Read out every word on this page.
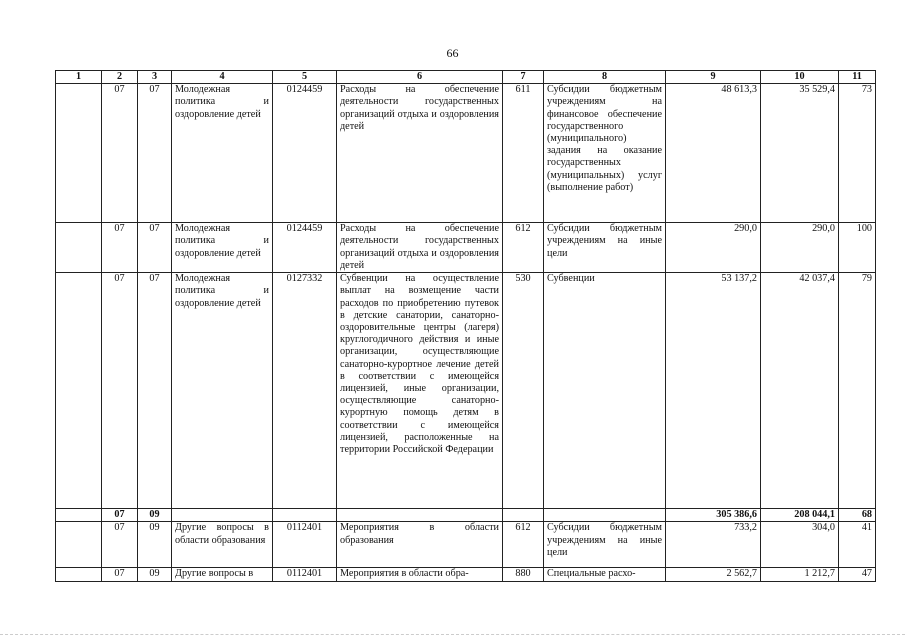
66
1	2	3	4	5	6	7	8	9	10	11
	07	07	Молодежная политика и оздоровление детей	0124459	Расходы на обеспечение деятельности государственных организаций отдыха и оздоровления детей	611	Субсидии бюджетным учреждениям на финансовое обеспечение государственного (муниципального) задания на оказание государственных (муниципальных) услуг (выполнение работ)	48 613,3	35 529,4	73
	07	07	Молодежная политика и оздоровление детей	0124459	Расходы на обеспечение деятельности государственных организаций отдыха и оздоровления детей	612	Субсидии бюджетным учреждениям на иные цели	290,0	290,0	100
	07	07	Молодежная политика и оздоровление детей	0127332	Субвенции на осуществление выплат на возмещение части расходов по приобретению путевок в детские санатории, санаторно-оздоровительные центры (лагеря) круглогодичного действия и иные организации, осуществляющие санаторно-курортное лечение детей в соответствии с имеющейся лицензией, иные организации, осуществляющие санаторно-курортную помощь детям в соответствии с имеющейся лицензией, расположенные на территории Российской Федерации	530	Субвенции	53 137,2	42 037,4	79
	07	09						305 386,6	208 044,1	68
	07	09	Другие вопросы в области образования	0112401	Мероприятия в области образования	612	Субсидии бюджетным учреждениям на иные цели	733,2	304,0	41
	07	09	Другие вопросы в	0112401	Мероприятия в области обра-	880	Специальные расхо-	2 562,7	1 212,7	47
